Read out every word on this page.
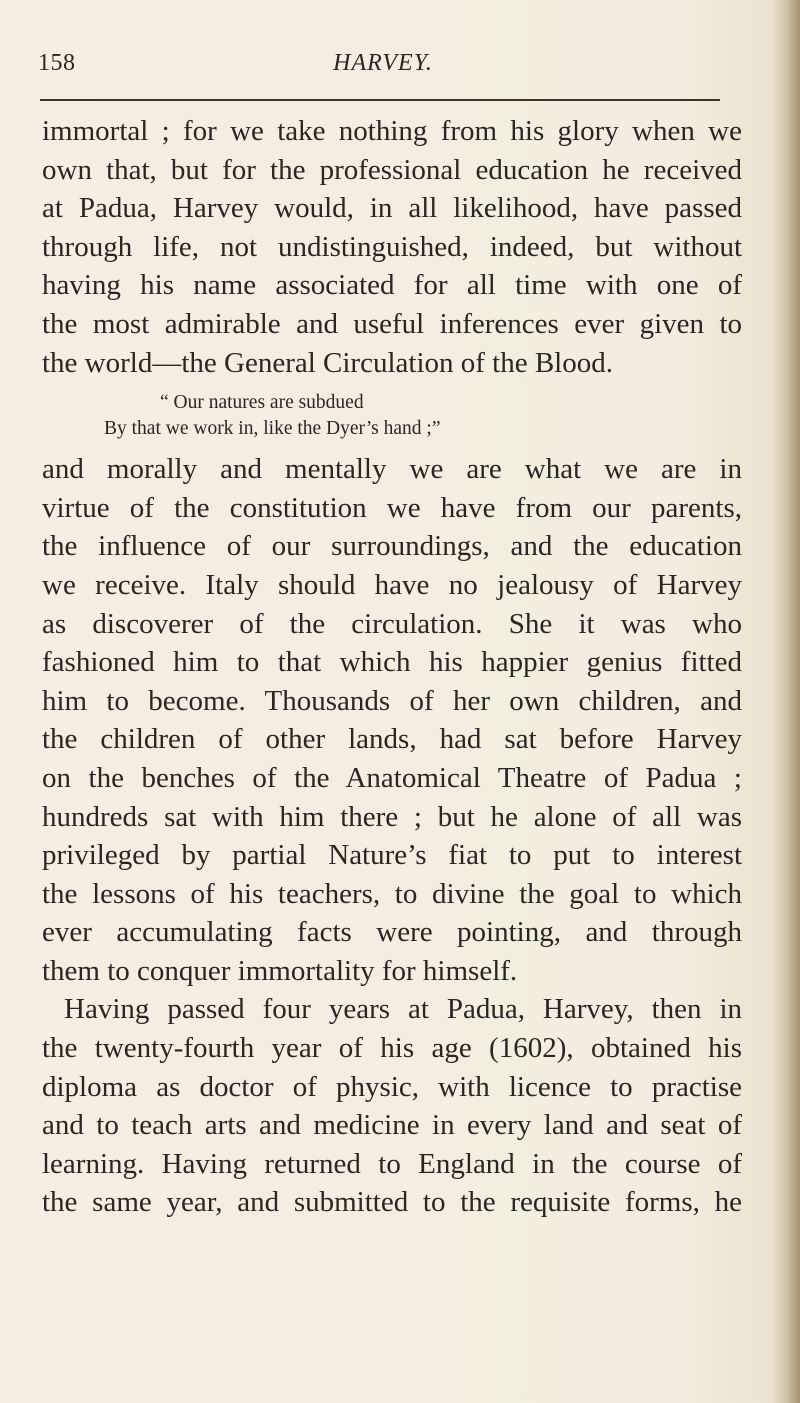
158	HARVEY.
immortal ; for we take nothing from his glory when we
own that, but for the professional education he received
at Padua, Harvey would, in all likelihood, have passed
through life, not undistinguished, indeed, but without
having his name associated for all time with one of
the most admirable and useful inferences ever given to
the world—the General Circulation of the Blood.
“ Our natures are subdued
By that we work in, like the Dyer’s hand ;”
and morally and mentally we are what we are in
virtue of the constitution we have from our parents,
the influence of our surroundings, and the education
we receive. Italy should have no jealousy of Harvey
as discoverer of the circulation. She it was who
fashioned him to that which his happier genius fitted
him to become. Thousands of her own children, and
the children of other lands, had sat before Harvey
on the benches of the Anatomical Theatre of Padua ;
hundreds sat with him there ; but he alone of all was
privileged by partial Nature’s fiat to put to interest
the lessons of his teachers, to divine the goal to which
ever accumulating facts were pointing, and through
them to conquer immortality for himself.
Having passed four years at Padua, Harvey, then in
the twenty-fourth year of his age (1602), obtained his
diploma as doctor of physic, with licence to practise
and to teach arts and medicine in every land and seat of
learning. Having returned to England in the course of
the same year, and submitted to the requisite forms, he
